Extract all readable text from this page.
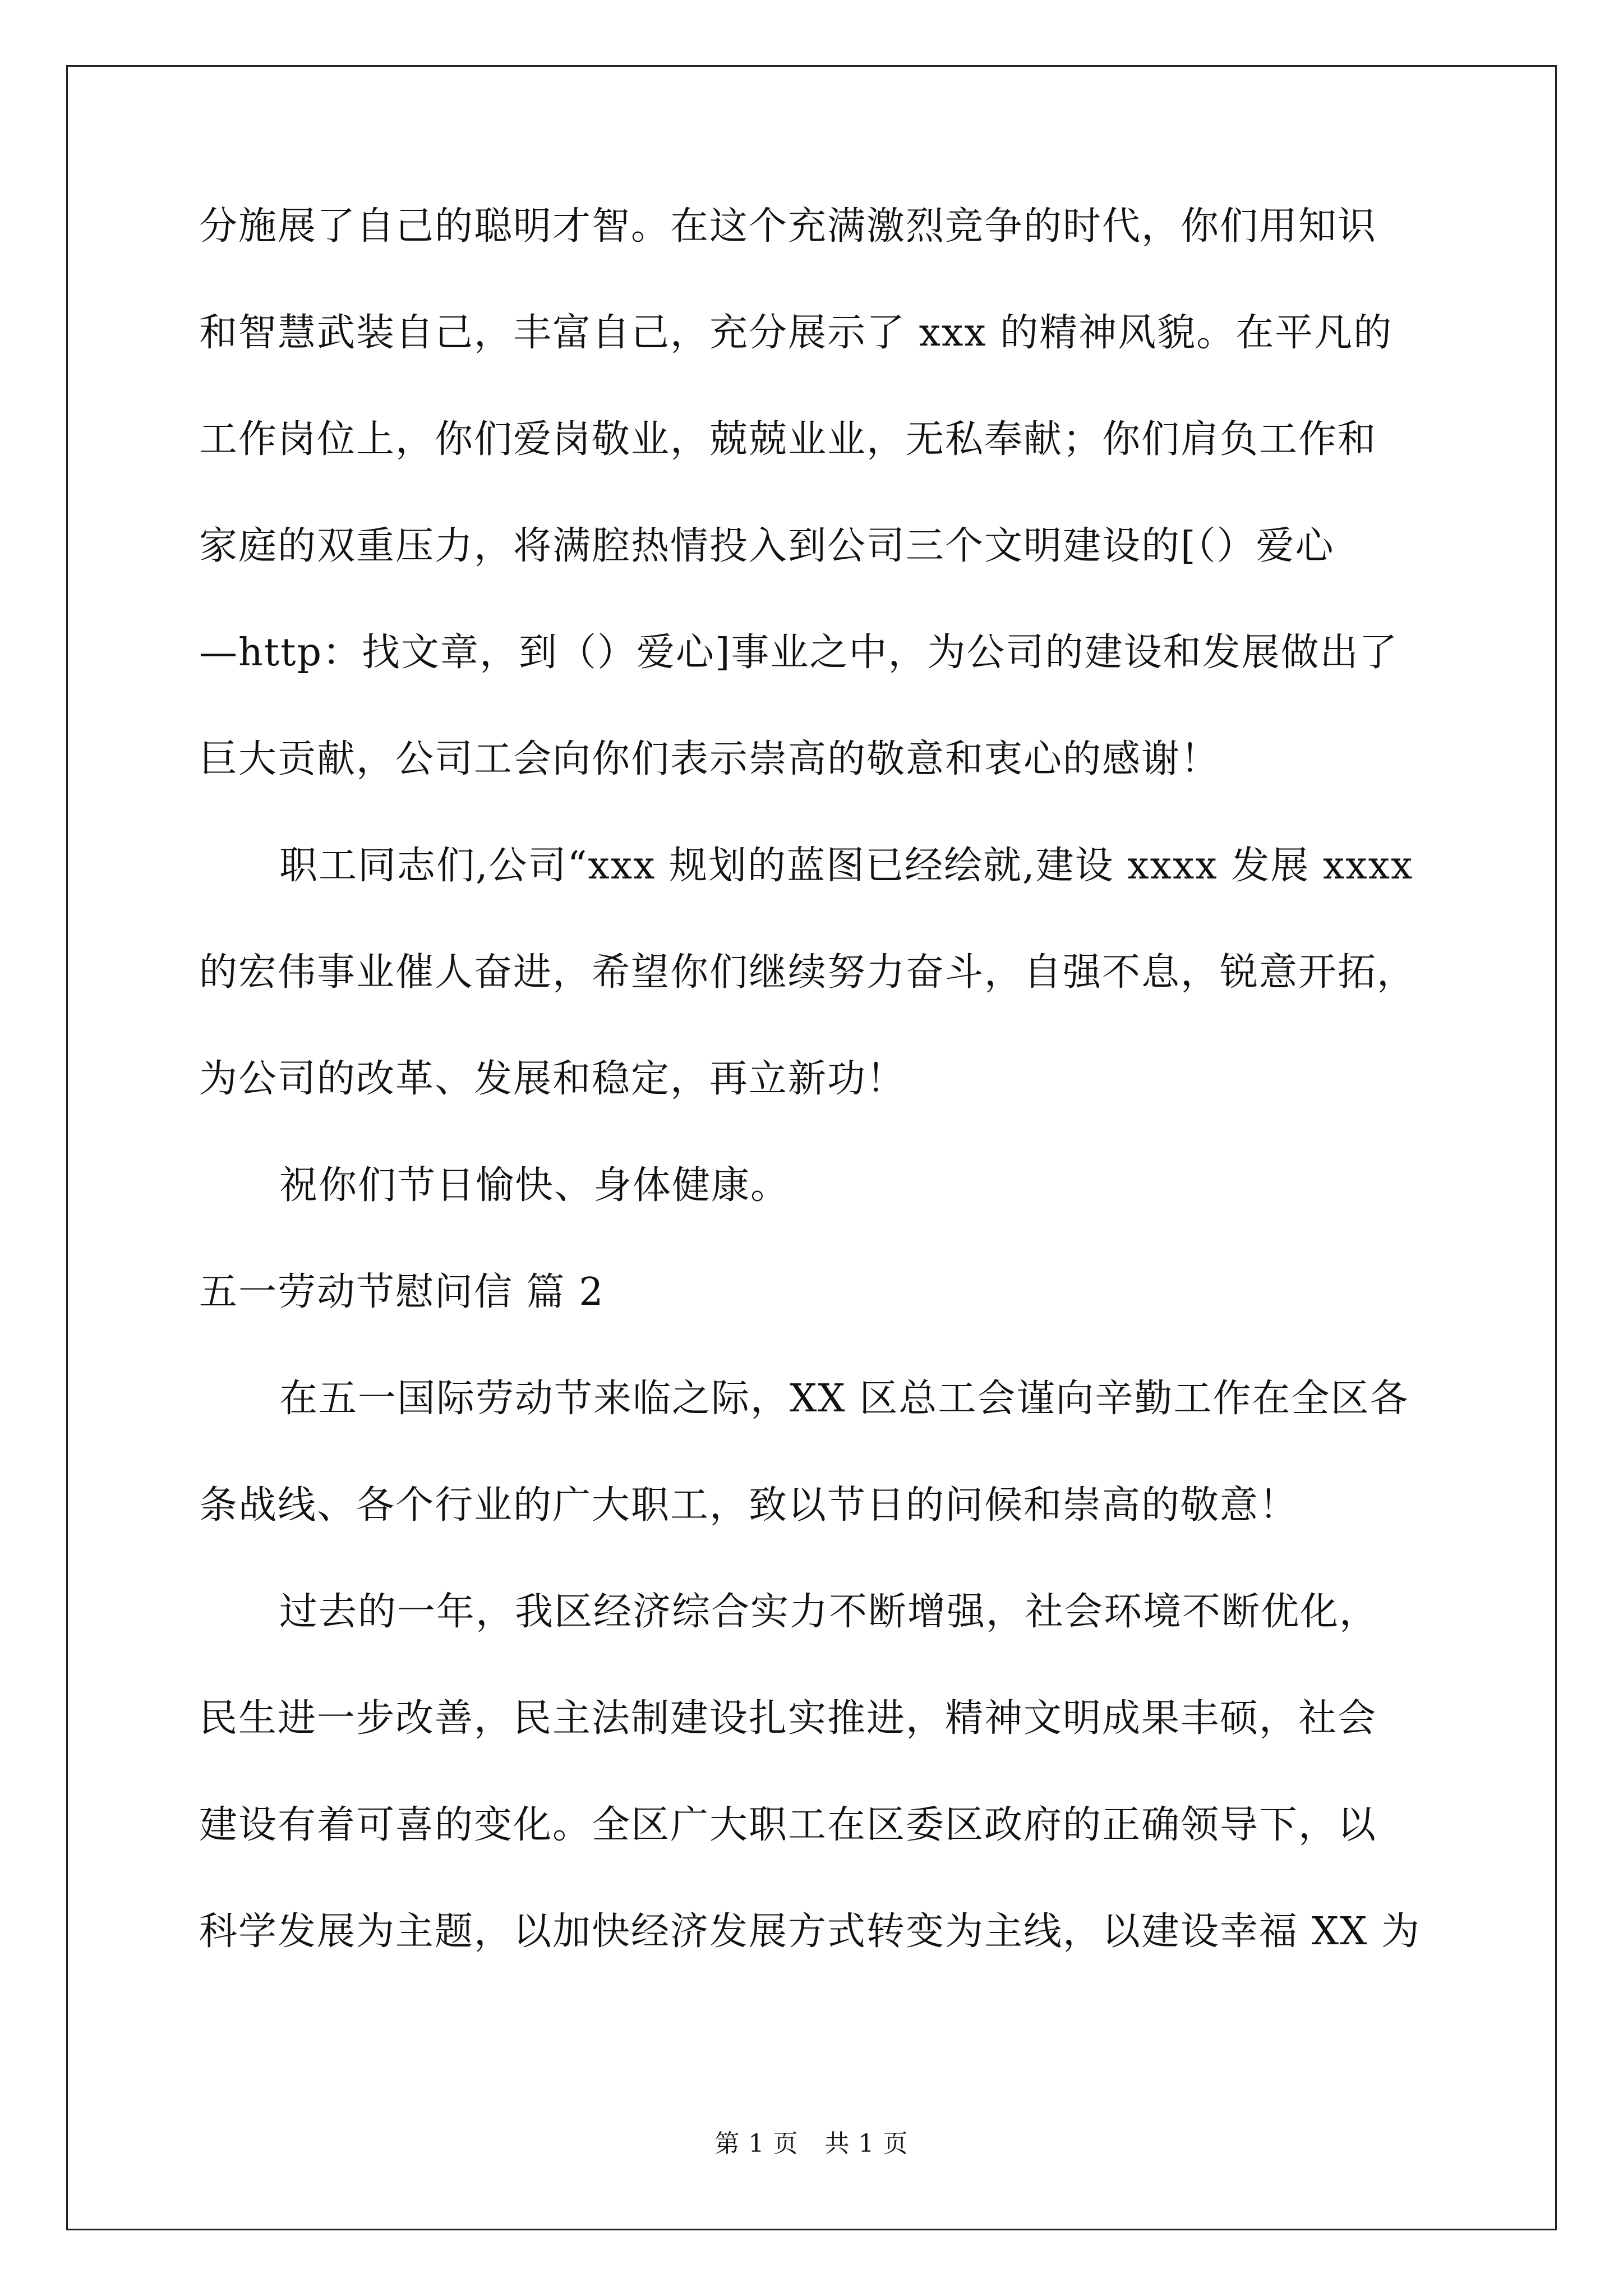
分施展了自己的聪明才智。在这个充满激烈竞争的时代，你们用知识
和智慧武装自己，丰富自己，充分展示了 xxx 的精神风貌。在平凡的
工作岗位上，你们爱岗敬业，兢兢业业，无私奉献；你们肩负工作和
家庭的双重压力，将满腔热情投入到公司三个文明建设的[（）爱心
—http：找文章，到（）爱心]事业之中，为公司的建设和发展做出了
巨大贡献，公司工会向你们表示崇高的敬意和衷心的感谢！
职工同志们,公司“xxx 规划的蓝图已经绘就,建设 xxxx 发展 xxxx
的宏伟事业催人奋进，希望你们继续努力奋斗，自强不息，锐意开拓，
为公司的改革、发展和稳定，再立新功！
祝你们节日愉快、身体健康。
五一劳动节慰问信 篇 2
在五一国际劳动节来临之际，XX 区总工会谨向辛勤工作在全区各
条战线、各个行业的广大职工，致以节日的问候和崇高的敬意！
过去的一年，我区经济综合实力不断增强，社会环境不断优化，
民生进一步改善，民主法制建设扎实推进，精神文明成果丰硕，社会
建设有着可喜的变化。全区广大职工在区委区政府的正确领导下，以
科学发展为主题，以加快经济发展方式转变为主线，以建设幸福 XX 为
第 1 页 共 1 页
